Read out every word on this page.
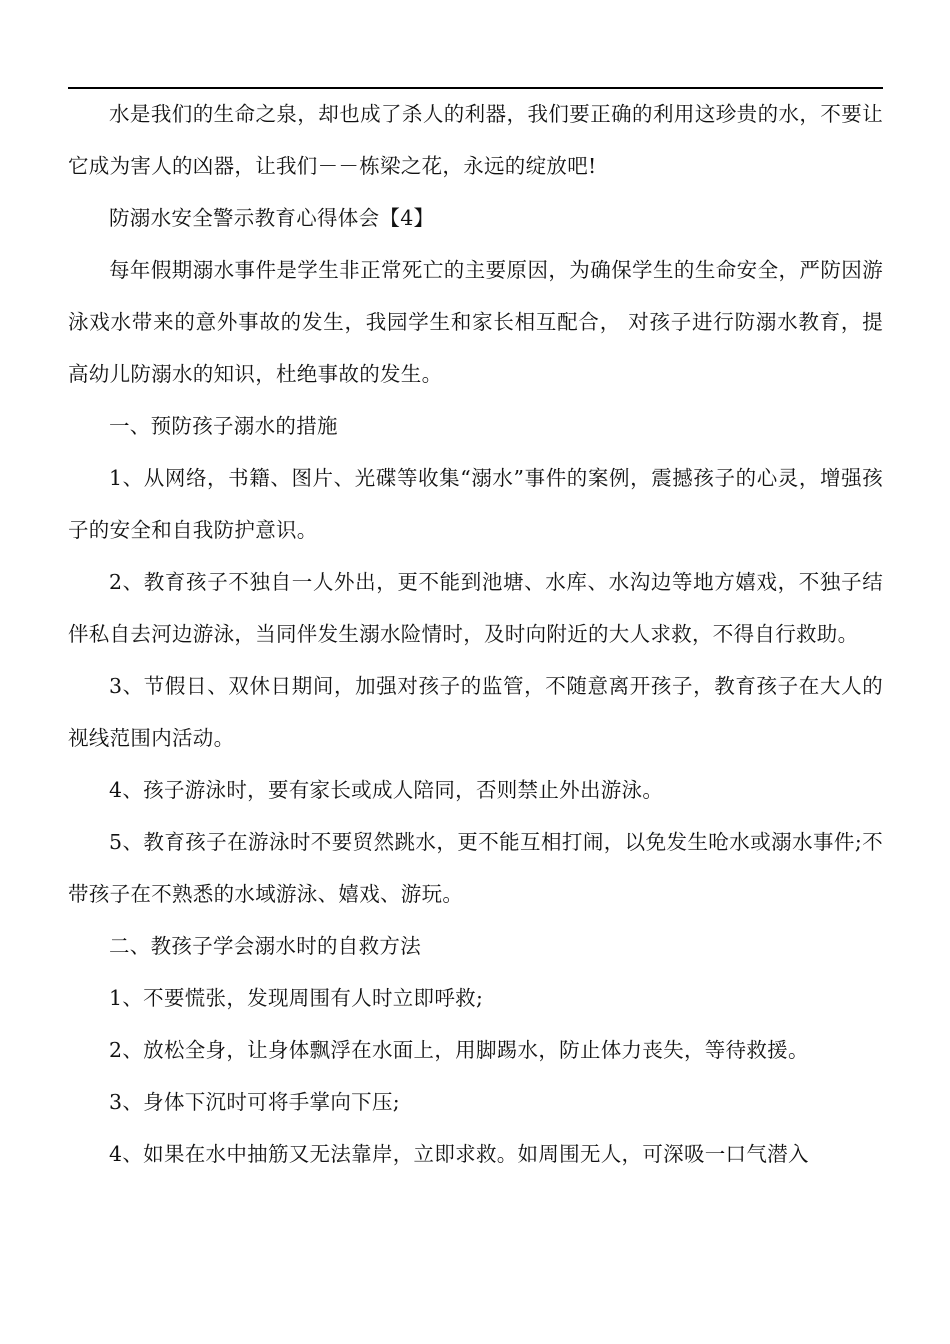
水是我们的生命之泉，却也成了杀人的利器，我们要正确的利用这珍贵的水，不要让它成为害人的凶器，让我们－－栋梁之花，永远的绽放吧!

防溺水安全警示教育心得体会【4】

每年假期溺水事件是学生非正常死亡的主要原因，为确保学生的生命安全，严防因游泳戏水带来的意外事故的发生，我园学生和家长相互配合， 对孩子进行防溺水教育，提高幼儿防溺水的知识，杜绝事故的发生。

一、预防孩子溺水的措施

1、从网络，书籍、图片、光碟等收集“溺水”事件的案例，震撼孩子的心灵，增强孩子的安全和自我防护意识。

2、教育孩子不独自一人外出，更不能到池塘、水库、水沟边等地方嬉戏，不独子结伴私自去河边游泳，当同伴发生溺水险情时，及时向附近的大人求救，不得自行救助。

3、节假日、双休日期间，加强对孩子的监管，不随意离开孩子，教育孩子在大人的视线范围内活动。

4、孩子游泳时，要有家长或成人陪同，否则禁止外出游泳。

5、教育孩子在游泳时不要贸然跳水，更不能互相打闹，以免发生呛水或溺水事件;不带孩子在不熟悉的水域游泳、嬉戏、游玩。

二、教孩子学会溺水时的自救方法

1、不要慌张，发现周围有人时立即呼救;

2、放松全身，让身体飘浮在水面上，用脚踢水，防止体力丧失，等待救援。

3、身体下沉时可将手掌向下压;

4、如果在水中抽筋又无法靠岸，立即求救。如周围无人，可深吸一口气潜入
